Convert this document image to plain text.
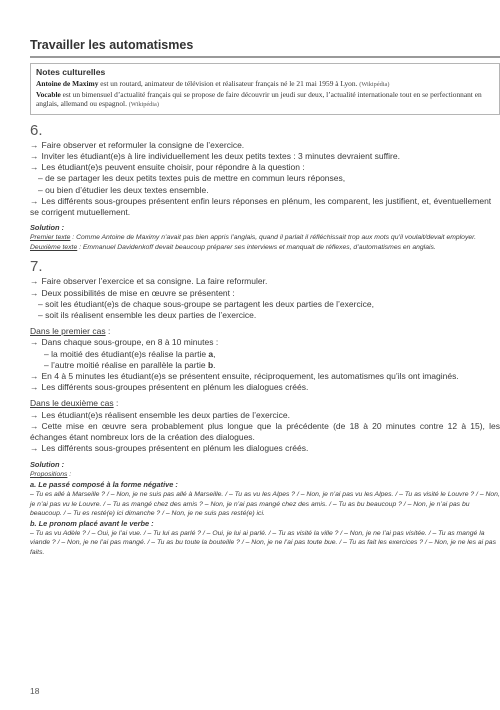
Travailler les automatismes
Notes culturelles

Antoine de Maximy est un routard, animateur de télévision et réalisateur français né le 21 mai 1959 à Lyon. (Wikipédia)

Vocable est un bimensuel d’actualité français qui se propose de faire découvrir un jeudi sur deux, l’actualité internationale tout en se perfectionnant en anglais, allemand ou espagnol. (Wikipédia)

6.

→ Faire observer et reformuler la consigne de l’exercice.

→ Inviter les étudiant(e)s à lire individuellement les deux petits textes : 3 minutes devraient suffire.

→ Les étudiant(e)s peuvent ensuite choisir, pour répondre à la question :

– de se partager les deux petits textes puis de mettre en commun leurs réponses,

– ou bien d’étudier les deux textes ensemble.

→ Les différents sous-groupes présentent enfin leurs réponses en plénum, les comparent, les justifient, et, éventuellement se corrigent mutuellement.

Solution :

Premier texte : Comme Antoine de Maximy n’avait pas bien appris l’anglais, quand il parlait il réfléchissait trop aux mots qu’il voulait/devait employer.

Deuxième texte : Emmanuel Davidenkoff devait beaucoup préparer ses interviews et manquait de réflexes, d’automatismes en anglais.

7.

→ Faire observer l’exercice et sa consigne. La faire reformuler.

→ Deux possibilités de mise en œuvre se présentent :

– soit les étudiant(e)s de chaque sous-groupe se partagent les deux parties de l’exercice,

– soit ils réalisent ensemble les deux parties de l’exercice.

Dans le premier cas :

→ Dans chaque sous-groupe, en 8 à 10 minutes :

– la moitié des étudiant(e)s réalise la partie a,

– l’autre moitié réalise en parallèle la partie b.

→ En 4 à 5 minutes les étudiant(e)s se présentent ensuite, réciproquement, les automatismes qu’ils ont imaginés.

→ Les différents sous-groupes présentent en plénum les dialogues créés.

Dans le deuxième cas :

→ Les étudiant(e)s réalisent ensemble les deux parties de l’exercice.

→ Cette mise en œuvre sera probablement plus longue que la précédente (de 18 à 20 minutes contre 12 à 15), les échanges étant nombreux lors de la création des dialogues.

→ Les différents sous-groupes présentent en plénum les dialogues créés.

Solution :

Propositions :

a. Le passé composé à la forme négative :

– Tu es allé à Marseille ? / – Non, je ne suis pas allé à Marseille. / – Tu as vu les Alpes ? / – Non, je n’ai pas vu les Alpes. / – Tu as visité le Louvre ? / – Non, je n’ai pas vu le Louvre. / – Tu as mangé chez des amis ? – Non, je n’ai pas mangé chez des amis. / – Tu as bu beaucoup ? / – Non, je n’ai pas bu beaucoup. / – Tu es resté(e) ici dimanche ? / – Non, je ne suis pas resté(e) ici.

b. Le pronom placé avant le verbe :

– Tu as vu Adèle ? / – Oui, je l’ai vue. / – Tu lui as parlé ? / – Oui, je lui ai parlé. / – Tu as visité la ville ? / – Non, je ne l’ai pas visitée. / – Tu as mangé la viande ? / – Non, je ne l’ai pas mangé. / – Tu as bu toute la bouteille ? / – Non, je ne l’ai pas toute bue. / – Tu as fait les exercices ? / – Non, je ne les ai pas faits.

18
